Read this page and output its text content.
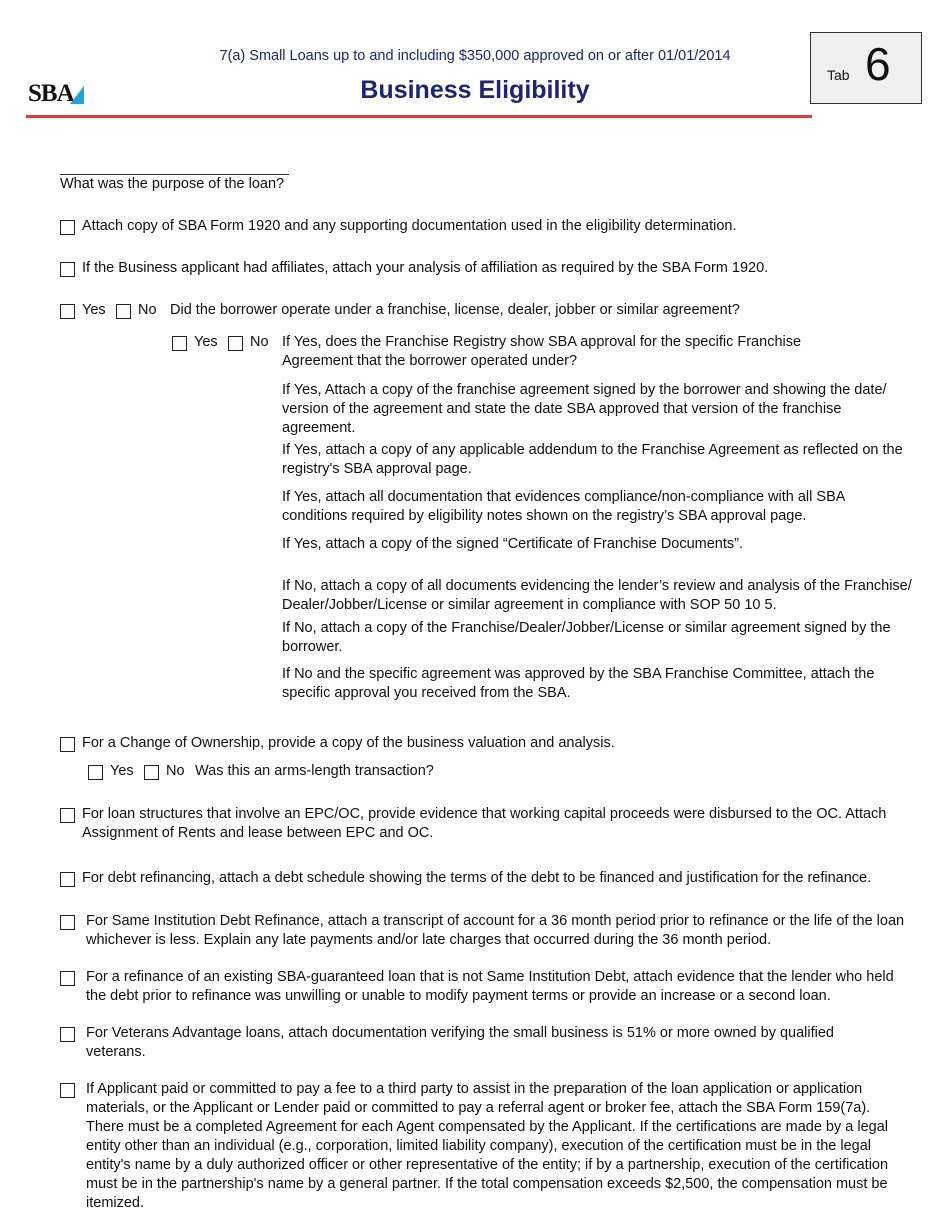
SBA
7(a) Small Loans up to and including $350,000 approved on or after 01/01/2014
Business Eligibility
Tab 6
What was the purpose of the loan?
Attach copy of SBA Form 1920 and any supporting documentation used in the eligibility determination.
If the Business applicant had affiliates, attach your analysis of affiliation as required by the SBA Form 1920.
Yes No Did the borrower operate under a franchise, license, dealer, jobber or similar agreement?
Yes No If Yes, does the Franchise Registry show SBA approval for the specific Franchise Agreement that the borrower operated under?
If Yes, Attach a copy of the franchise agreement signed by the borrower and showing the date/ version of the agreement and state the date SBA approved that version of the franchise agreement.
If Yes, attach a copy of any applicable addendum to the Franchise Agreement as reflected on the registry's SBA approval page.
If Yes, attach all documentation that evidences compliance/non-compliance with all SBA conditions required by eligibility notes shown on the registry’s SBA approval page.
If Yes, attach a copy of the signed “Certificate of Franchise Documents”.
If No, attach a copy of all documents evidencing the lender’s review and analysis of the Franchise/ Dealer/Jobber/License or similar agreement in compliance with SOP 50 10 5.
If No, attach a copy of the Franchise/Dealer/Jobber/License or similar agreement signed by the borrower.
If No and the specific agreement was approved by the SBA Franchise Committee, attach the specific approval you received from the SBA.
For a Change of Ownership, provide a copy of the business valuation and analysis.
Yes No Was this an arms-length transaction?
For loan structures that involve an EPC/OC, provide evidence that working capital proceeds were disbursed to the OC. Attach Assignment of Rents and lease between EPC and OC.
For debt refinancing, attach a debt schedule showing the terms of the debt to be financed and justification for the refinance.
For Same Institution Debt Refinance, attach a transcript of account for a 36 month period prior to refinance or the life of the loan whichever is less. Explain any late payments and/or late charges that occurred during the 36 month period.
For a refinance of an existing SBA-guaranteed loan that is not Same Institution Debt, attach evidence that the lender who held the debt prior to refinance was unwilling or unable to modify payment terms or provide an increase or a second loan.
For Veterans Advantage loans, attach documentation verifying the small business is 51% or more owned by qualified veterans.
If Applicant paid or committed to pay a fee to a third party to assist in the preparation of the loan application or application materials, or the Applicant or Lender paid or committed to pay a referral agent or broker fee, attach the SBA Form 159(7a). There must be a completed Agreement for each Agent compensated by the Applicant. If the certifications are made by a legal entity other than an individual (e.g., corporation, limited liability company), execution of the certification must be in the legal entity's name by a duly authorized officer or other representative of the entity; if by a partnership, execution of the certification must be in the partnership's name by a general partner. If the total compensation exceeds $2,500, the compensation must be itemized.
